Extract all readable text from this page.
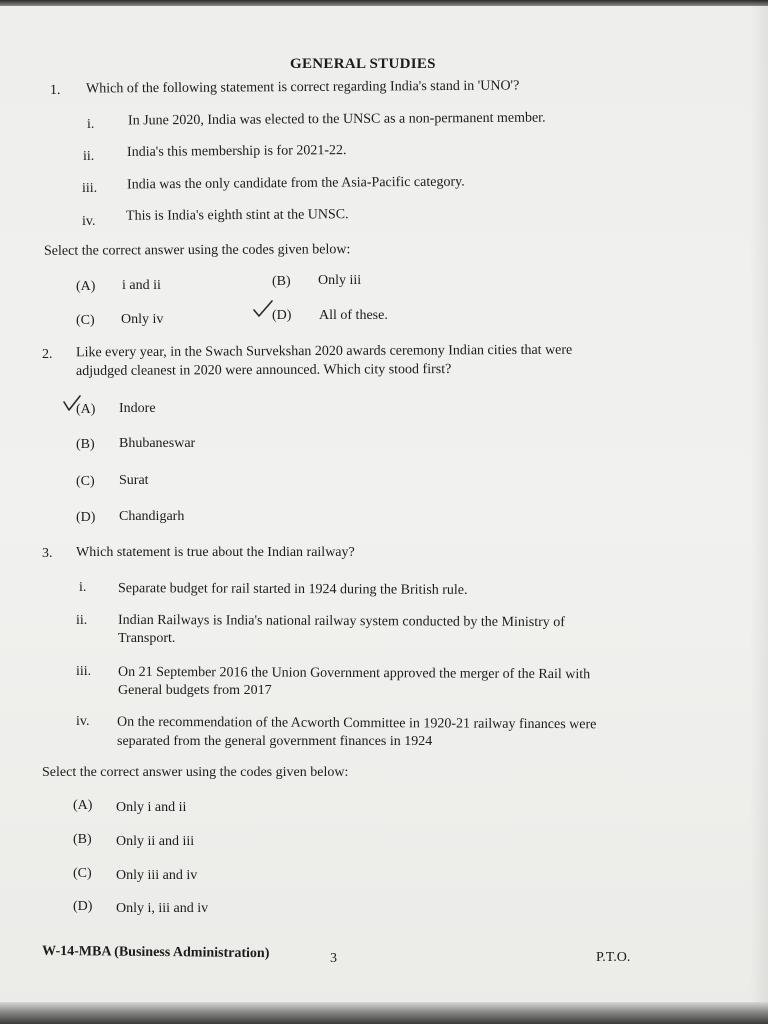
GENERAL STUDIES
1. Which of the following statement is correct regarding India's stand in 'UNO'?
i. In June 2020, India was elected to the UNSC as a non-permanent member.
ii. India's this membership is for 2021-22.
iii. India was the only candidate from the Asia-Pacific category.
iv. This is India's eighth stint at the UNSC.
Select the correct answer using the codes given below:
(A) i and ii	(B) Only iii
(C) Only iv	(D) All of these.
2. Like every year, in the Swach Survekshan 2020 awards ceremony Indian cities that were
adjudged cleanest in 2020 were announced. Which city stood first?
(A) Indore
(B) Bhubaneswar
(C) Surat
(D) Chandigarh
3. Which statement is true about the Indian railway?
i. Separate budget for rail started in 1924 during the British rule.
ii. Indian Railways is India's national railway system conducted by the Ministry of
Transport.
iii. On 21 September 2016 the Union Government approved the merger of the Rail with
General budgets from 2017
iv. On the recommendation of the Acworth Committee in 1920-21 railway finances were
separated from the general government finances in 1924
Select the correct answer using the codes given below:
(A) Only i and ii
(B) Only ii and iii
(C) Only iii and iv
(D) Only i, iii and iv
W-14-MBA (Business Administration)	3	P.T.O.
